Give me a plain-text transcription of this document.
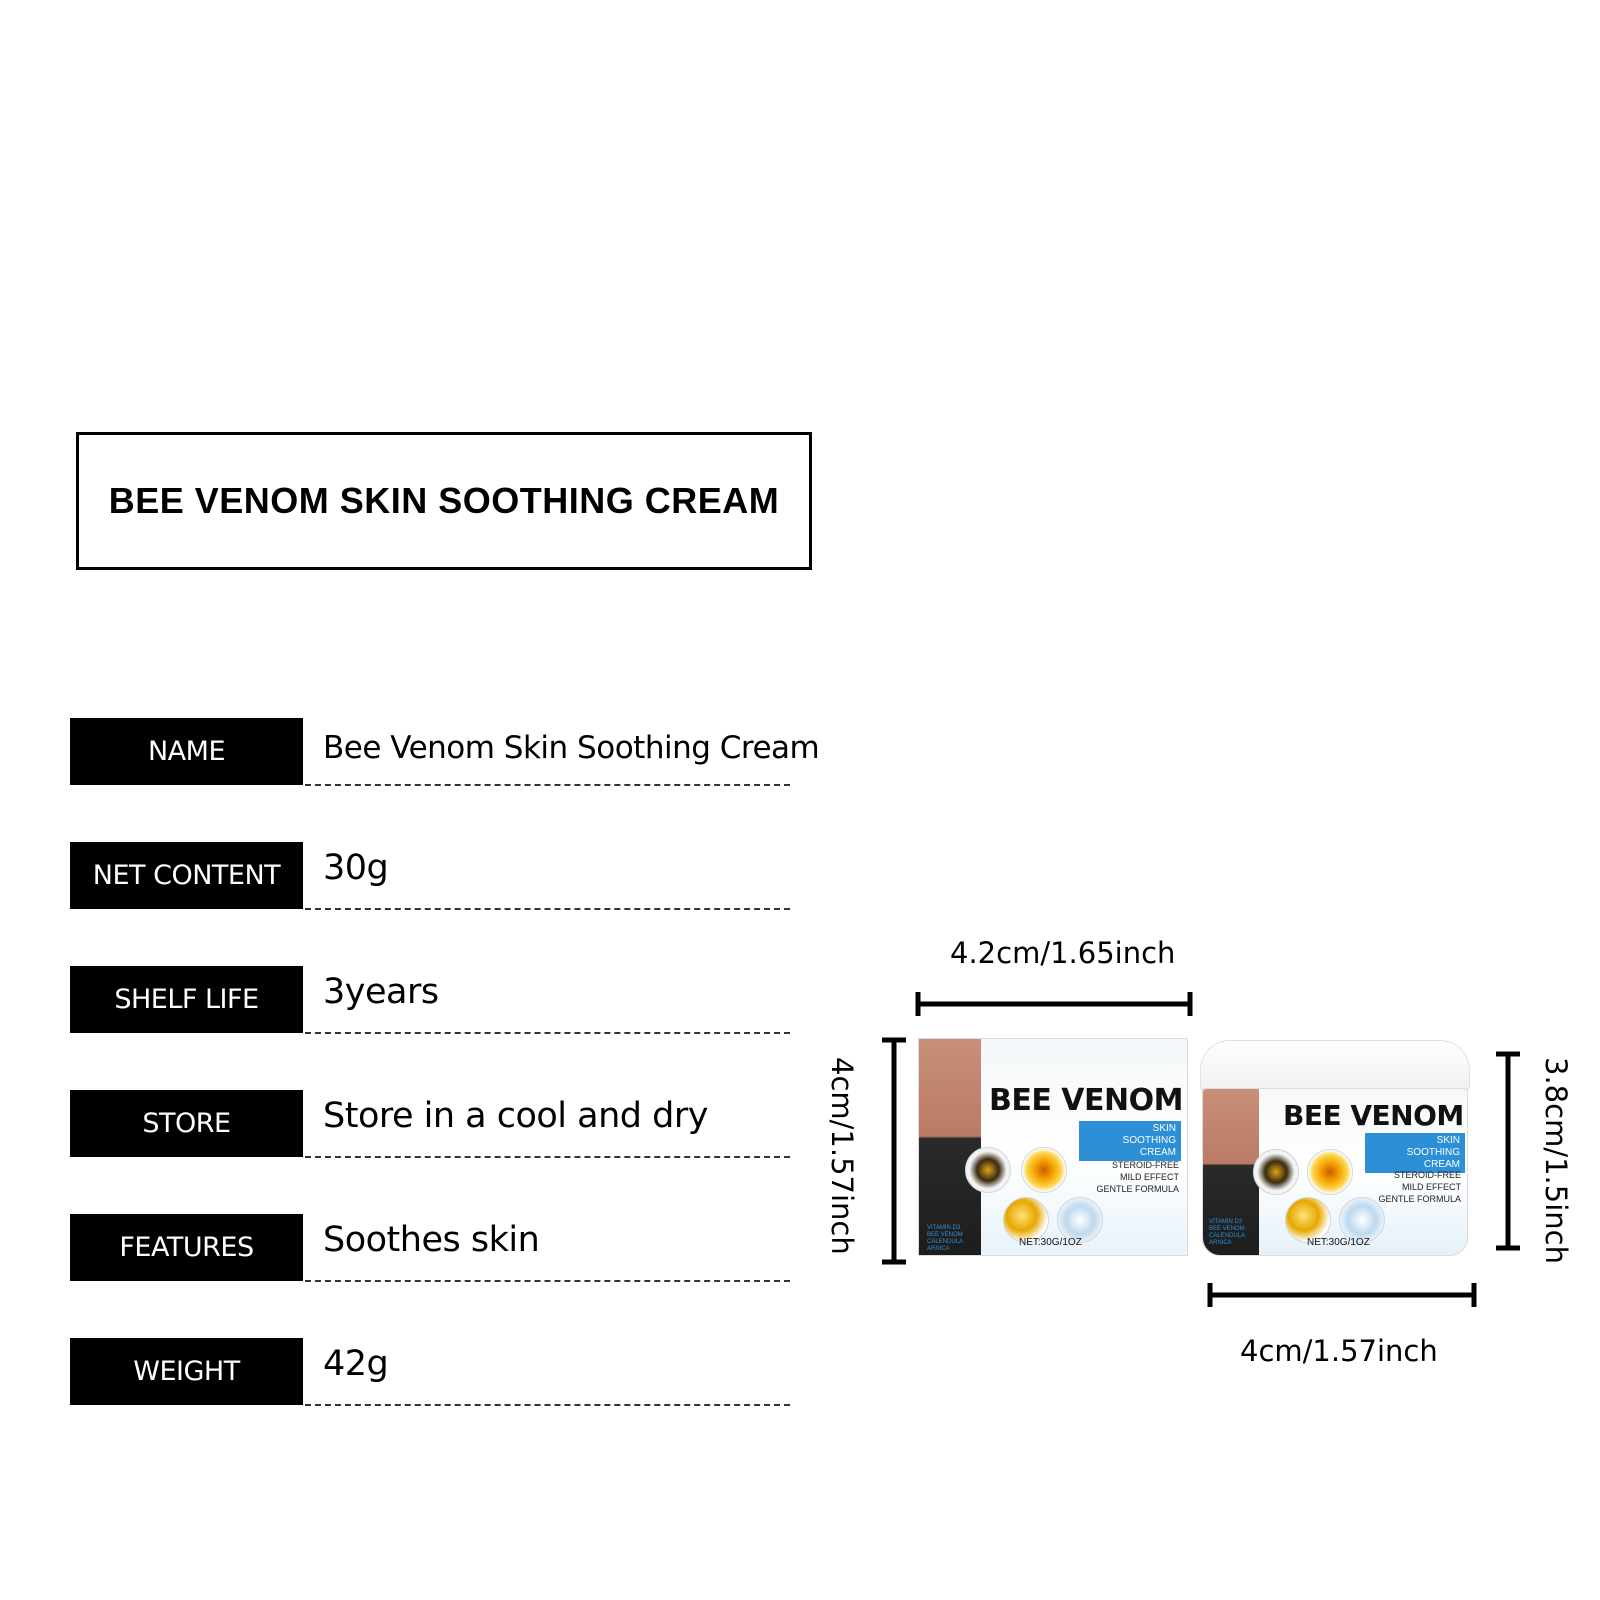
BEE VENOM SKIN SOOTHING CREAM
NAME	Bee Venom Skin Soothing Cream
NET CONTENT	30g
SHELF LIFE	3years
STORE	Store in a cool and dry
FEATURES	Soothes skin
WEIGHT	42g
4.2cm/1.65inch
4cm/1.57inch
4cm/1.57inch
3.8cm/1.5inch
BEE VENOM
SKIN
SOOTHING CREAM
STEROID-FREE
MILD EFFECT
GENTLE FORMULA
VITAMIN D3
BEE VENOM
CALENDULA
ARNICA
NET:30G/1OZ
BEE VENOM
SKIN
SOOTHING CREAM
STEROID-FREE
MILD EFFECT
GENTLE FORMULA
VITAMIN D3
BEE VENOM
CALENDULA
ARNICA	NET:30G/1OZ
